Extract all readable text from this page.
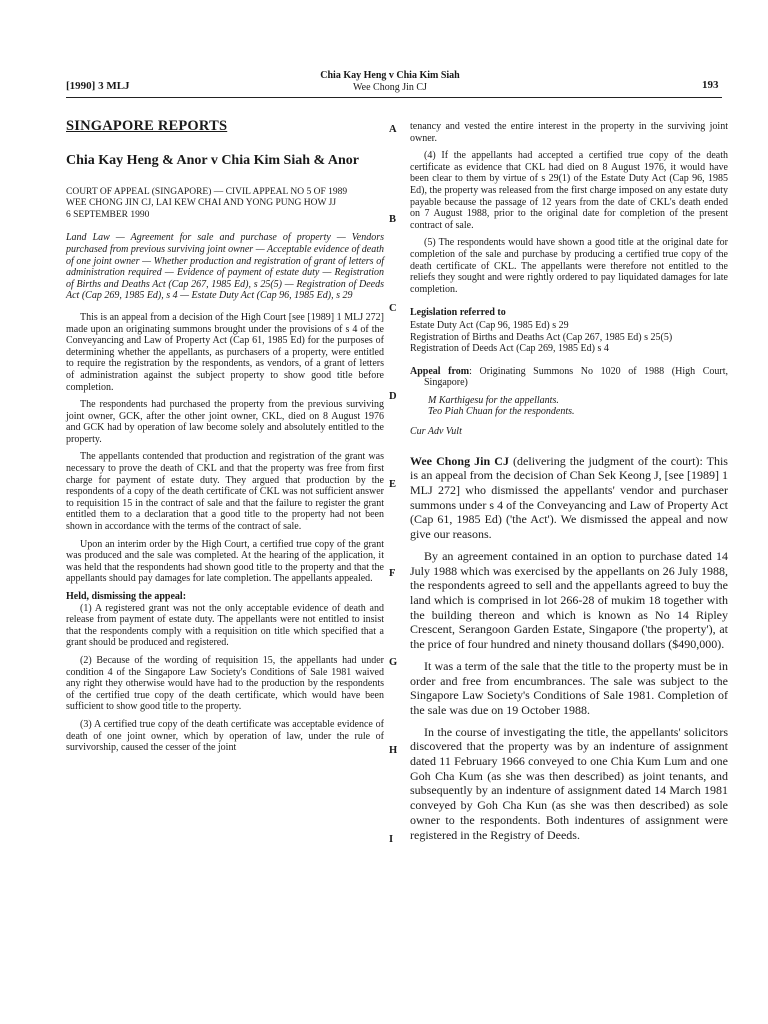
[1990] 3 MLJ
Chia Kay Heng v Chia Kim Siah
Wee Chong Jin CJ	193
SINGAPORE REPORTS
Chia Kay Heng & Anor v Chia Kim Siah & Anor
COURT OF APPEAL (SINGAPORE) — CIVIL APPEAL NO 5 OF 1989
WEE CHONG JIN CJ, LAI KEW CHAI AND YONG PUNG HOW JJ
6 SEPTEMBER 1990

Land Law — Agreement for sale and purchase of property — Vendors purchased from previous surviving joint owner — Acceptable evidence of death of one joint owner — Whether production and registration of grant of letters of administration required — Evidence of payment of estate duty — Registration of Births and Deaths Act (Cap 267, 1985 Ed), s 25(5) — Registration of Deeds Act (Cap 269, 1985 Ed), s 4 — Estate Duty Act (Cap 96, 1985 Ed), s 29

This is an appeal from a decision of the High Court [see [1989] 1 MLJ 272] made upon an originating summons brought under the provisions of s 4 of the Conveyancing and Law of Property Act (Cap 61, 1985 Ed) for the purposes of determining whether the appellants, as purchasers of a property, were entitled to require the registration by the respondents, as vendors, of a grant of letters of administration against the subject property to show good title before completion.

The respondents had purchased the property from the previous surviving joint owner, GCK, after the other joint owner, CKL, died on 8 August 1976 and GCK had by operation of law become solely and absolutely entitled to the property.

The appellants contended that production and registration of the grant was necessary to prove the death of CKL and that the property was free from first charge for payment of estate duty. They argued that production by the respondents of a copy of the death certificate of CKL was not sufficient answer to requisition 15 in the contract of sale and that the failure to register the grant entitled them to a declaration that a good title to the property had not been shown in accordance with the terms of the contract of sale.

Upon an interim order by the High Court, a certified true copy of the grant was produced and the sale was completed. At the hearing of the application, it was held that the respondents had shown good title to the property and that the appellants should pay damages for late completion. The appellants appealed.

Held, dismissing the appeal:

(1) A registered grant was not the only acceptable evidence of death and release from payment of estate duty. The appellants were not entitled to insist that the respondents comply with a requisition on title which specified that a grant should be produced and registered.

(2) Because of the wording of requisition 15, the appellants had under condition 4 of the Singapore Law Society's Conditions of Sale 1981 waived any right they otherwise would have had to the production by the respondents of the certified true copy of the death certificate, which would have been sufficient to show good title to the property.

(3) A certified true copy of the death certificate was acceptable evidence of death of one joint owner, which by operation of law, under the rule of survivorship, caused the cesser of the joint

tenancy and vested the entire interest in the property in the surviving joint owner.

(4) If the appellants had accepted a certified true copy of the death certificate as evidence that CKL had died on 8 August 1976, it would have been clear to them by virtue of s 29(1) of the Estate Duty Act (Cap 96, 1985 Ed), the property was released from the first charge imposed on any estate duty payable because the passage of 12 years from the date of CKL's death ended on 7 August 1988, prior to the original date for completion of the present contract of sale.

(5) The respondents would have shown a good title at the original date for completion of the sale and purchase by producing a certified true copy of the death certificate of CKL. The appellants were therefore not entitled to the reliefs they sought and were rightly ordered to pay liquidated damages for late completion.

Legislation referred to
Estate Duty Act (Cap 96, 1985 Ed) s 29
Registration of Births and Deaths Act (Cap 267, 1985 Ed) s 25(5)
Registration of Deeds Act (Cap 269, 1985 Ed) s 4

Appeal from: Originating Summons No 1020 of 1988 (High Court, Singapore)

M Karthigesu for the appellants.

Teo Piah Chuan for the respondents.

Cur Adv Vult

Wee Chong Jin CJ (delivering the judgment of the court): This is an appeal from the decision of Chan Sek Keong J, [see [1989] 1 MLJ 272] who dismissed the appellants' vendor and purchaser summons under s 4 of the Conveyancing and Law of Property Act (Cap 61, 1985 Ed) ('the Act'). We dismissed the appeal and now give our reasons.

By an agreement contained in an option to purchase dated 14 July 1988 which was exercised by the appellants on 26 July 1988, the respondents agreed to sell and the appellants agreed to buy the land which is comprised in lot 266-28 of mukim 18 together with the building thereon and which is known as No 14 Ripley Crescent, Serangoon Garden Estate, Singapore ('the property'), at the price of four hundred and ninety thousand dollars ($490,000).

It was a term of the sale that the title to the property must be in order and free from encumbrances. The sale was subject to the Singapore Law Society's Conditions of Sale 1981. Completion of the sale was due on 19 October 1988.

In the course of investigating the title, the appellants' solicitors discovered that the property was by an indenture of assignment dated 11 February 1966 conveyed to one Chia Kum Lum and one Goh Cha Kum (as she was then described) as joint tenants, and subsequently by an indenture of assignment dated 14 March 1981 conveyed by Goh Cha Kun (as she was then described) as sole owner to the respondents. Both indentures of assignment were registered in the Registry of Deeds.

A
B
C
D
E
F
G
H
I
